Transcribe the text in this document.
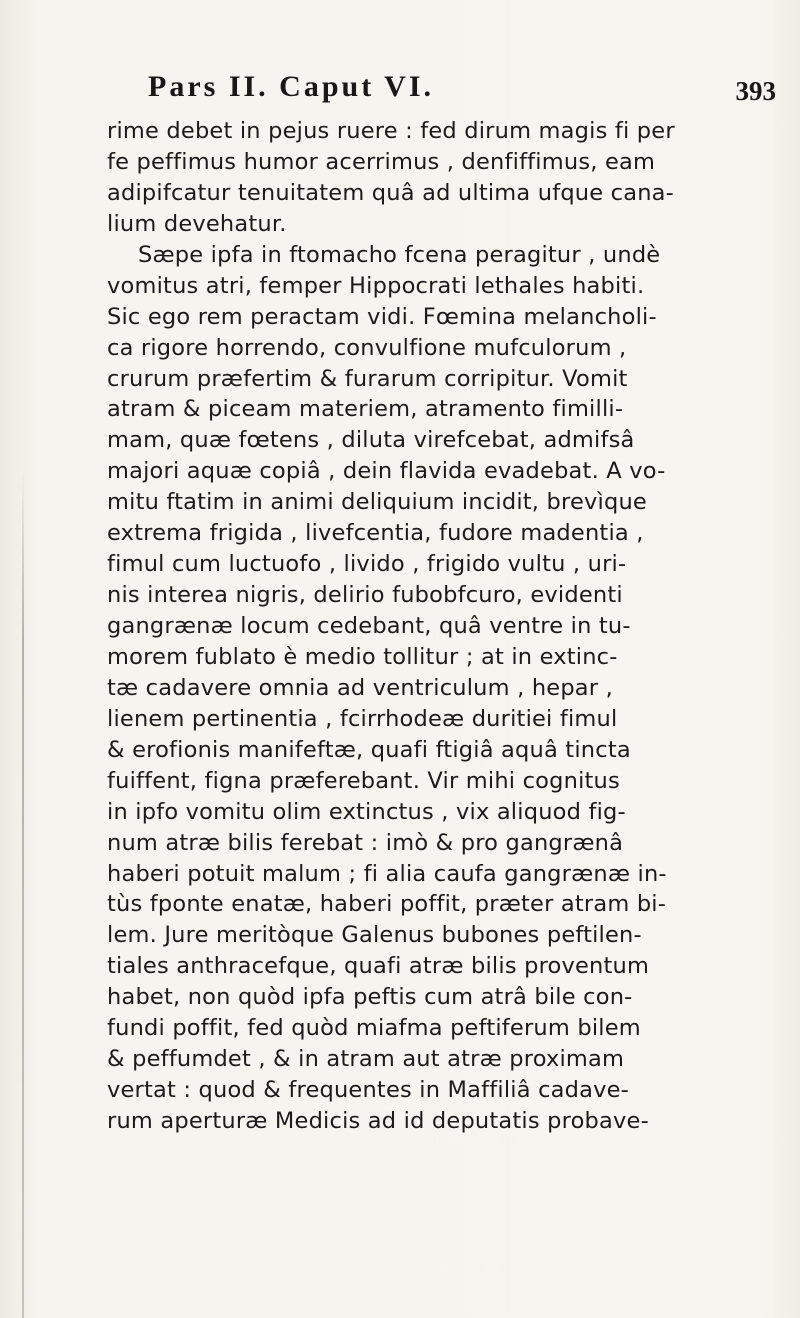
Pars II. Caput VI.	393
rime debet in pejus ruere : fed dirum magis fi per
fe peffimus humor acerrimus , denfiffimus, eam
adipifcatur tenuitatem quâ ad ultima ufque cana-
lium devehatur.
Sæpe ipfa in ftomacho fcena peragitur , undè
vomitus atri, femper Hippocrati lethales habiti.
Sic ego rem peractam vidi. Fœmina melancholi-
ca rigore horrendo, convulfione mufculorum ,
crurum præfertim & furarum corripitur. Vomit
atram & piceam materiem, atramento fimilli-
mam, quæ fœtens , diluta virefcebat, admifsâ
majori aquæ copiâ , dein flavida evadebat. A vo-
mitu ftatim in animi deliquium incidit, brevìque
extrema frigida , livefcentia, fudore madentia ,
fimul cum luctuofo , livido , frigido vultu , uri-
nis interea nigris, delirio fubobfcuro, evidenti
gangrænæ locum cedebant, quâ ventre in tu-
morem fublato è medio tollitur ; at in extinc-
tæ cadavere omnia ad ventriculum , hepar ,
lienem pertinentia , fcirrhodeæ duritiei fimul
& erofionis manifeftæ, quafi ftigiâ aquâ tincta
fuiffent, figna præferebant. Vir mihi cognitus
in ipfo vomitu olim extinctus , vix aliquod fig-
num atræ bilis ferebat : imò & pro gangrænâ
haberi potuit malum ; fi alia caufa gangrænæ in-
tùs fponte enatæ, haberi poffit, præter atram bi-
lem. Jure meritòque Galenus bubones peftilen-
tiales anthracefque, quafi atræ bilis proventum
habet, non quòd ipfa peftis cum atrâ bile con-
fundi poffit, fed quòd miafma peftiferum bilem
& peffumdet , & in atram aut atræ proximam
vertat : quod & frequentes in Maffiliâ cadave-
rum aperturæ Medicis ad id deputatis probave-
